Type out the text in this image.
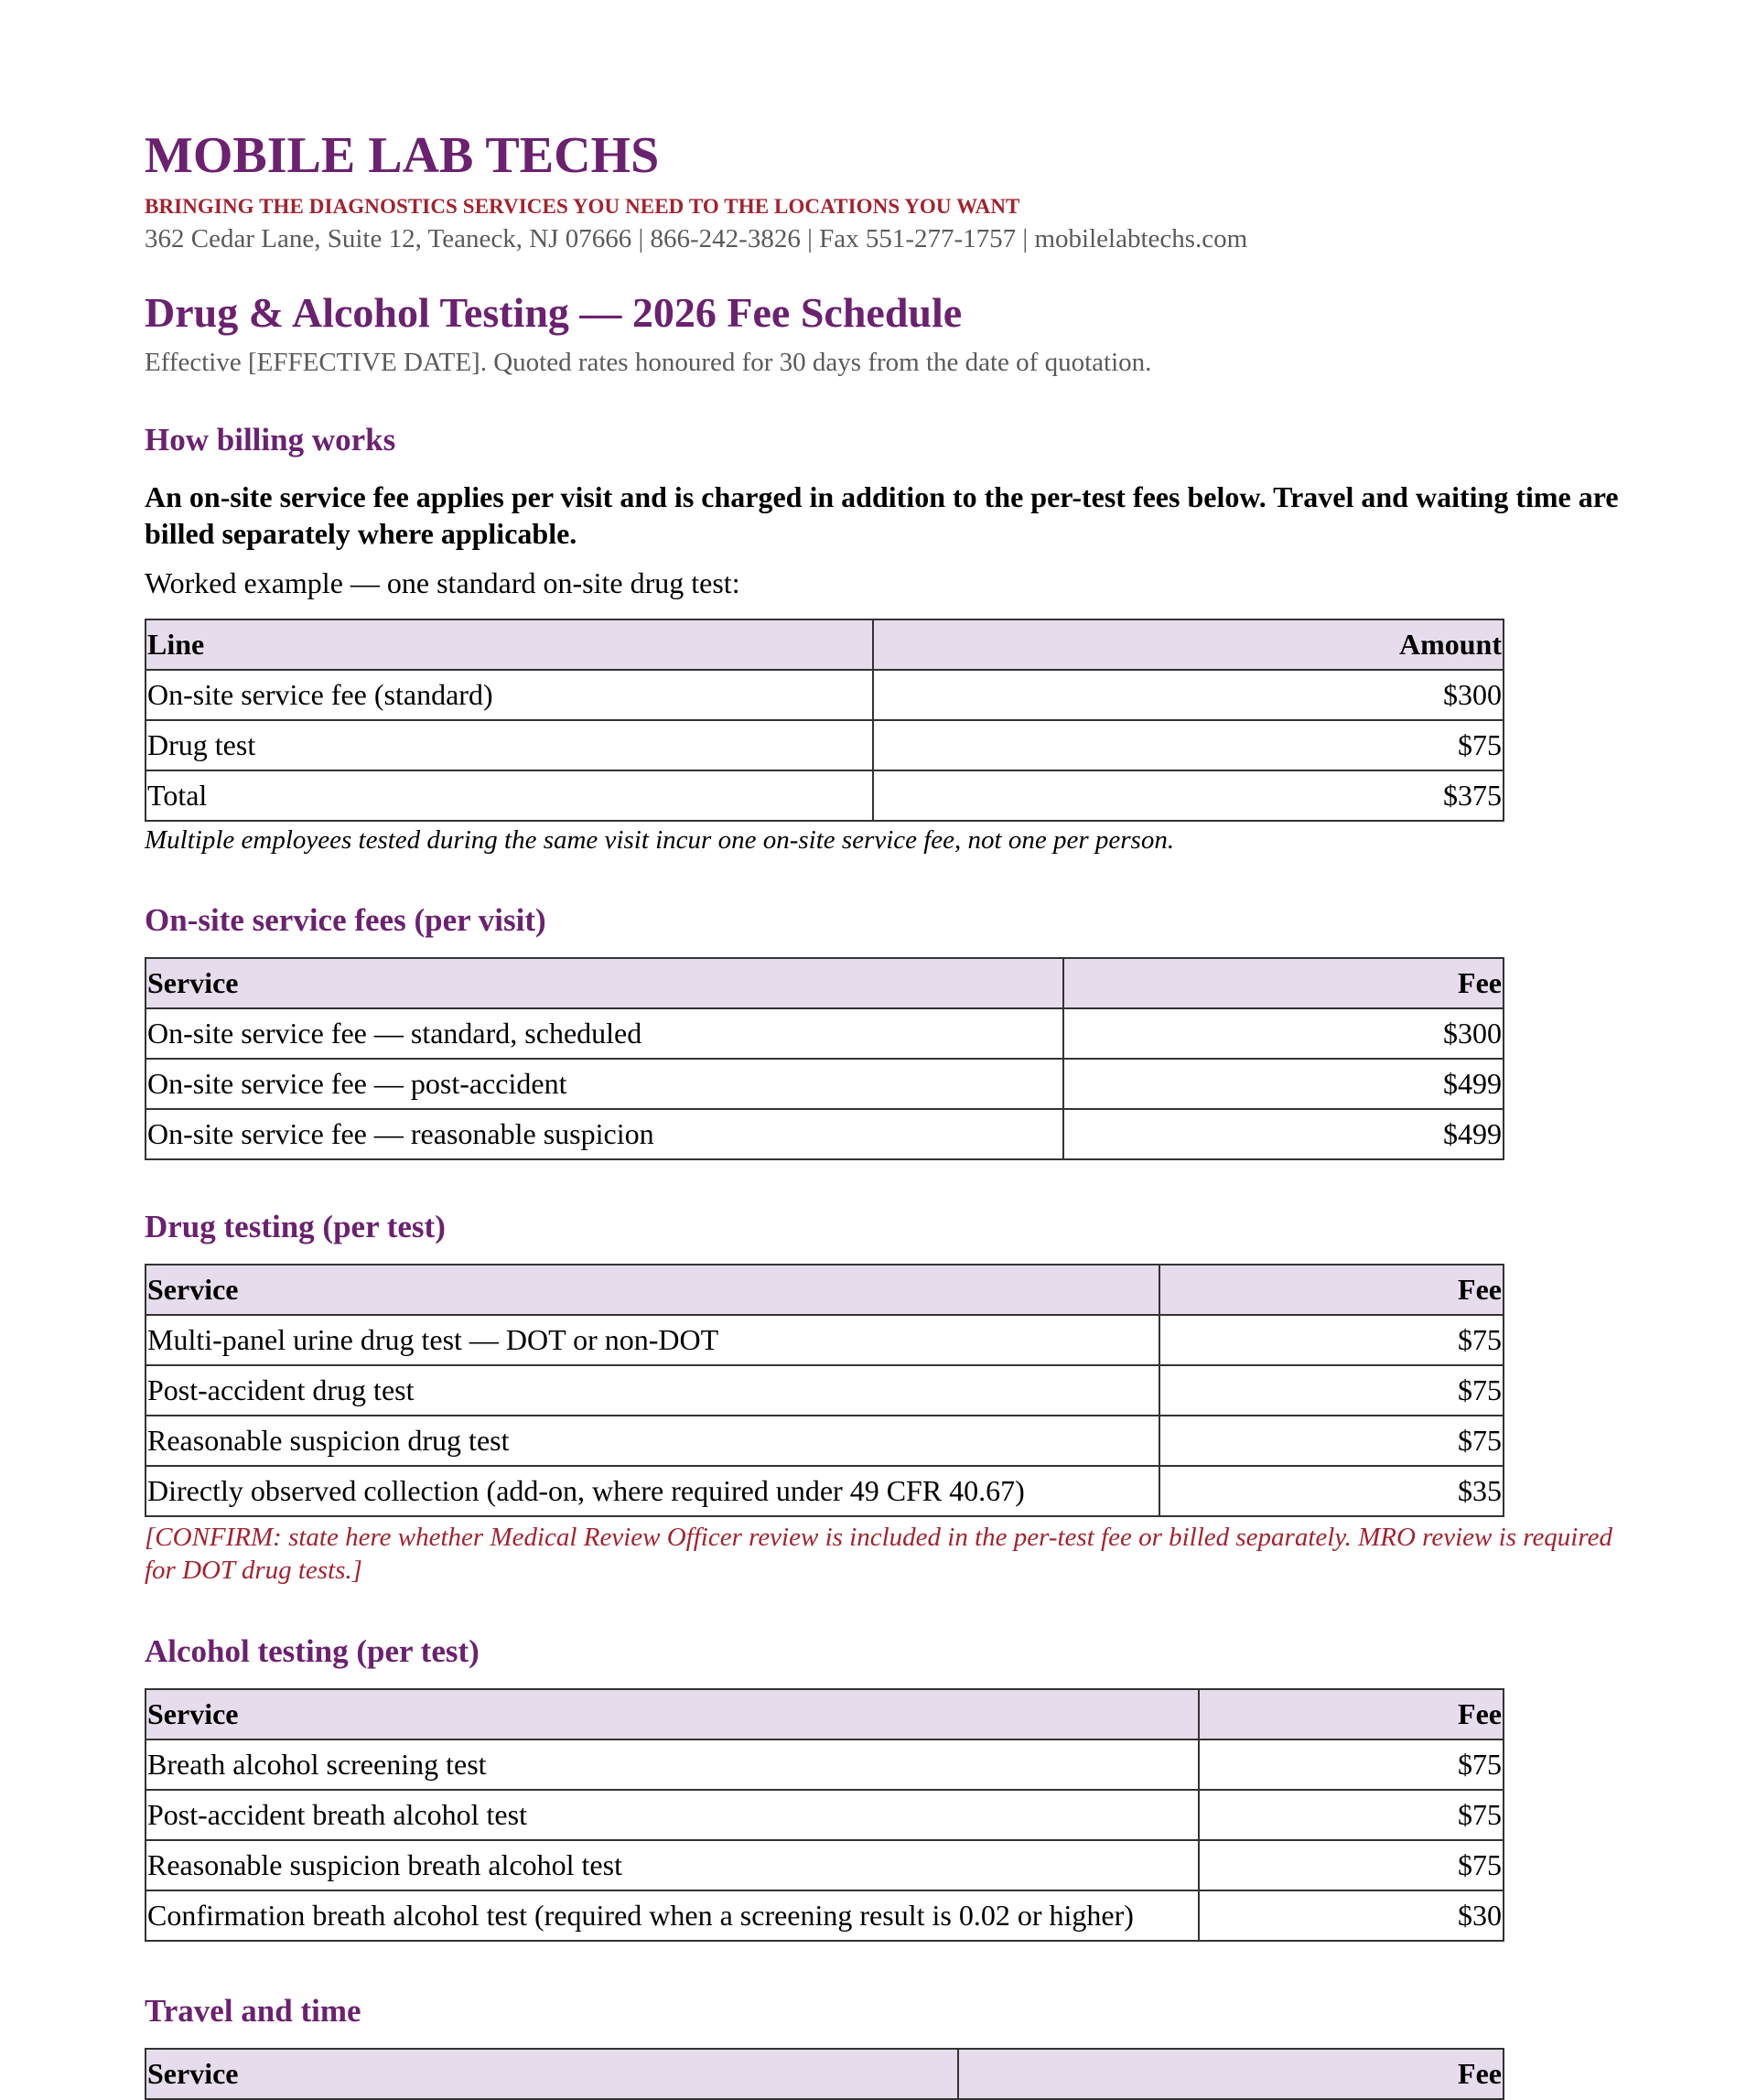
MOBILE LAB TECHS
BRINGING THE DIAGNOSTICS SERVICES YOU NEED TO THE LOCATIONS YOU WANT
362 Cedar Lane, Suite 12, Teaneck, NJ 07666 | 866-242-3826 | Fax 551-277-1757 | mobilelabtechs.com
Drug & Alcohol Testing — 2026 Fee Schedule
Effective [EFFECTIVE DATE]. Quoted rates honoured for 30 days from the date of quotation.
How billing works
An on-site service fee applies per visit and is charged in addition to the per-test fees below. Travel and waiting time are billed separately where applicable.
Worked example — one standard on-site drug test:
Line	Amount
On-site service fee (standard)	$300
Drug test	$75
Total	$375
Multiple employees tested during the same visit incur one on-site service fee, not one per person.
On-site service fees (per visit)
Service	Fee
On-site service fee — standard, scheduled	$300
On-site service fee — post-accident	$499
On-site service fee — reasonable suspicion	$499
Drug testing (per test)
Service	Fee
Multi-panel urine drug test — DOT or non-DOT	$75
Post-accident drug test	$75
Reasonable suspicion drug test	$75
Directly observed collection (add-on, where required under 49 CFR 40.67)	$35
[CONFIRM: state here whether Medical Review Officer review is included in the per-test fee or billed separately. MRO review is required for DOT drug tests.]
Alcohol testing (per test)
Service	Fee
Breath alcohol screening test	$75
Post-accident breath alcohol test	$75
Reasonable suspicion breath alcohol test	$75
Confirmation breath alcohol test (required when a screening result is 0.02 or higher)	$30
Travel and time
Service	Fee
